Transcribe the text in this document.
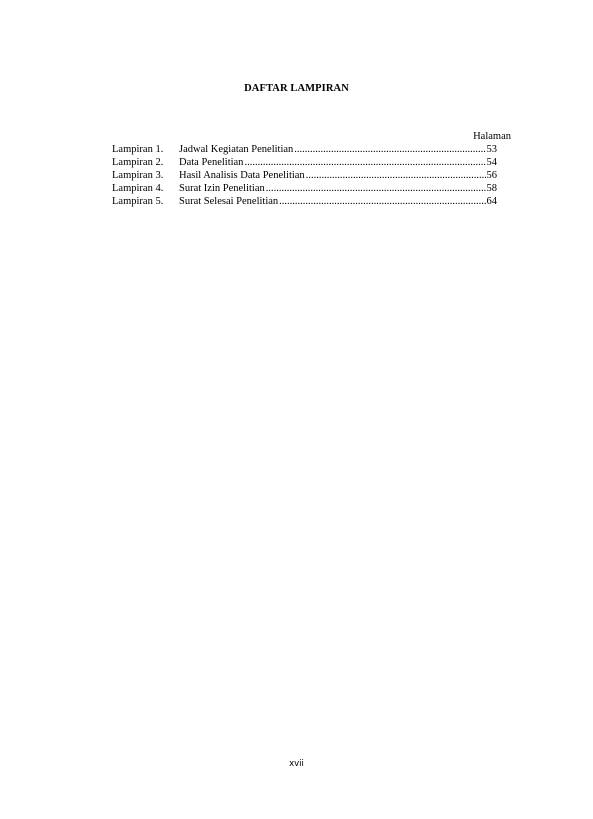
DAFTAR LAMPIRAN
Halaman
Lampiran 1.	Jadwal Kegiatan Penelitian .....	53
Lampiran 2.	Data Penelitian .....	54
Lampiran 3.	Hasil Analisis Data Penelitian .....	56
Lampiran 4.	Surat Izin Penelitian .....	58
Lampiran 5.	Surat Selesai Penelitian .....	64
xvii
